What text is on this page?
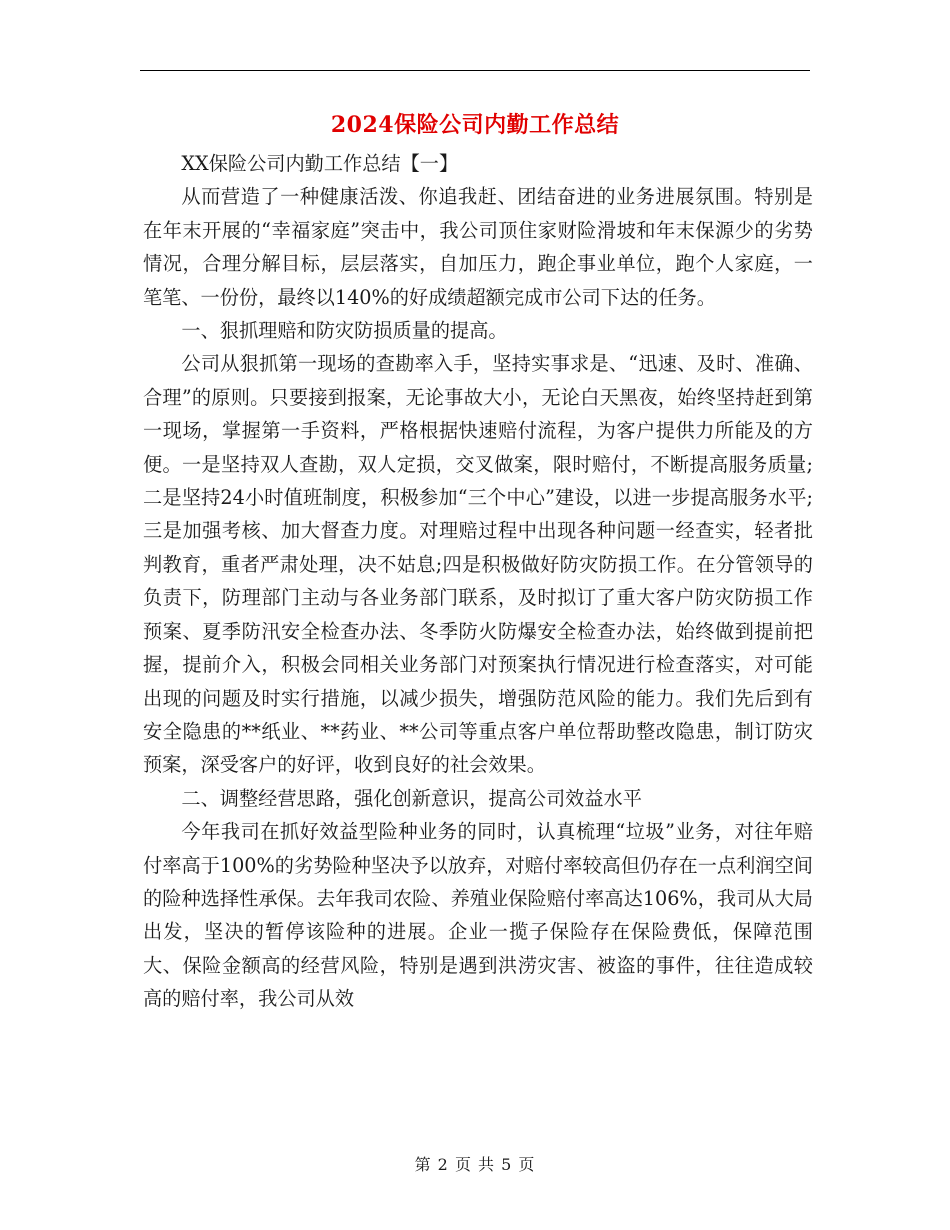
2024保险公司内勤工作总结

XX保险公司内勤工作总结【一】

从而营造了一种健康活泼、你追我赶、团结奋进的业务进展氛围。特别是在年末开展的“幸福家庭”突击中，我公司顶住家财险滑坡和年末保源少的劣势情况，合理分解目标，层层落实，自加压力，跑企事业单位，跑个人家庭，一笔笔、一份份，最终以140%的好成绩超额完成市公司下达的任务。

一、狠抓理赔和防灾防损质量的提高。

公司从狠抓第一现场的查勘率入手，坚持实事求是、“迅速、及时、准确、合理”的原则。只要接到报案，无论事故大小，无论白天黑夜，始终坚持赶到第一现场，掌握第一手资料，严格根据快速赔付流程，为客户提供力所能及的方便。一是坚持双人查勘，双人定损，交叉做案，限时赔付，不断提高服务质量;二是坚持24小时值班制度，积极参加“三个中心”建设，以进一步提高服务水平;三是加强考核、加大督查力度。对理赔过程中出现各种问题一经查实，轻者批判教育，重者严肃处理，决不姑息;四是积极做好防灾防损工作。在分管领导的负责下，防理部门主动与各业务部门联系，及时拟订了重大客户防灾防损工作预案、夏季防汛安全检查办法、冬季防火防爆安全检查办法，始终做到提前把握，提前介入，积极会同相关业务部门对预案执行情况进行检查落实，对可能出现的问题及时实行措施，以减少损失，增强防范风险的能力。我们先后到有安全隐患的**纸业、**药业、**公司等重点客户单位帮助整改隐患，制订防灾预案，深受客户的好评，收到良好的社会效果。

二、调整经营思路，强化创新意识，提高公司效益水平

今年我司在抓好效益型险种业务的同时，认真梳理“垃圾”业务，对往年赔付率高于100%的劣势险种坚决予以放弃，对赔付率较高但仍存在一点利润空间的险种选择性承保。去年我司农险、养殖业保险赔付率高达106%，我司从大局出发，坚决的暂停该险种的进展。企业一揽子保险存在保险费低，保障范围大、保险金额高的经营风险，特别是遇到洪涝灾害、被盗的事件，往往造成较高的赔付率，我公司从效

第 2 页 共 5 页
